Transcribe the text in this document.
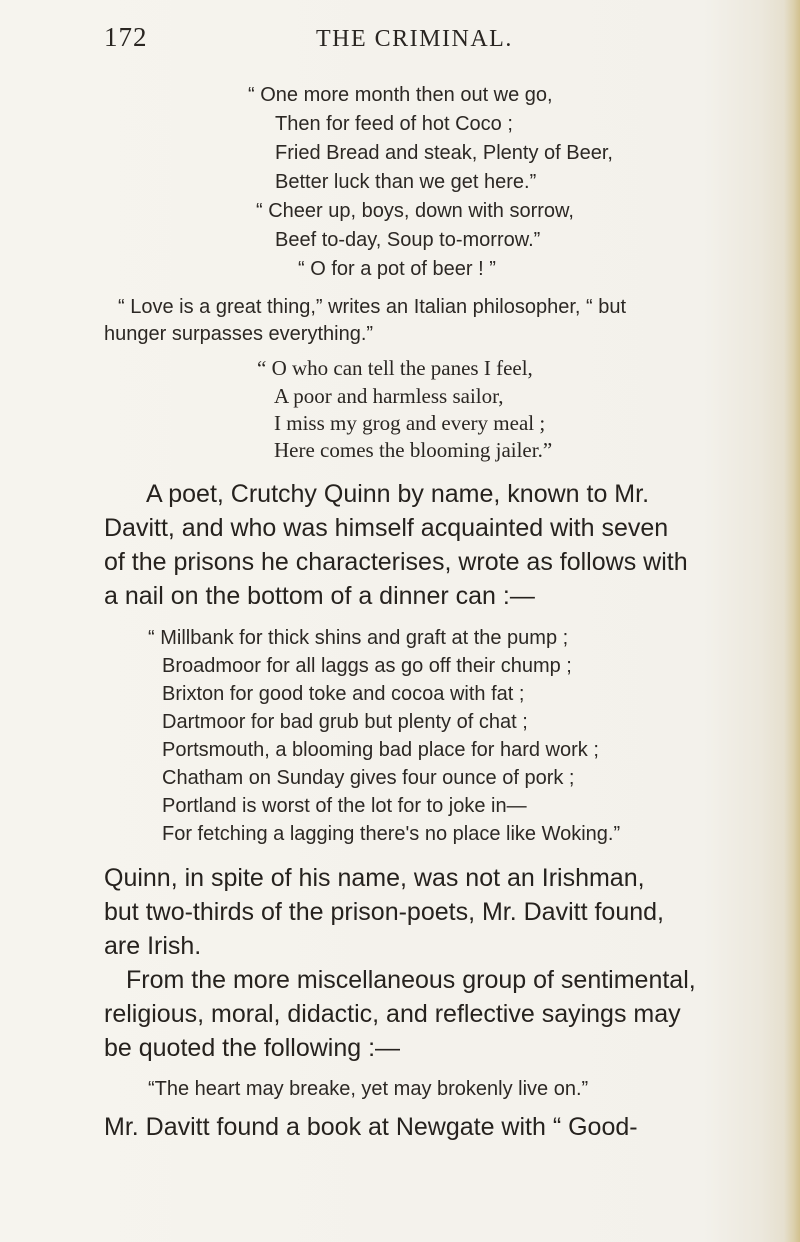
172	THE CRIMINAL.
“ One more month then out we go,
Then for feed of hot Coco ;
Fried Bread and steak, Plenty of Beer,
Better luck than we get here.”
“ Cheer up, boys, down with sorrow,
Beef to-day, Soup to-morrow.”
“ O for a pot of beer ! ”
“ Love is a great thing,” writes an Italian philosopher, “ but
hunger surpasses everything.”
“ O who can tell the panes I feel,
A poor and harmless sailor,
I miss my grog and every meal ;
Here comes the blooming jailer.”
A poet, Crutchy Quinn by name, known to Mr.
Davitt, and who was himself acquainted with seven
of the prisons he characterises, wrote as follows with
a nail on the bottom of a dinner can :—
“ Millbank for thick shins and graft at the pump ;
Broadmoor for all laggs as go off their chump ;
Brixton for good toke and cocoa with fat ;
Dartmoor for bad grub but plenty of chat ;
Portsmouth, a blooming bad place for hard work ;
Chatham on Sunday gives four ounce of pork ;
Portland is worst of the lot for to joke in—
For fetching a lagging there's no place like Woking.”
Quinn, in spite of his name, was not an Irishman,
but two-thirds of the prison-poets, Mr. Davitt found,
are Irish.
From the more miscellaneous group of sentimental,
religious, moral, didactic, and reflective sayings may
be quoted the following :—
“The heart may breake, yet may brokenly live on.”
Mr. Davitt found a book at Newgate with “ Good-
